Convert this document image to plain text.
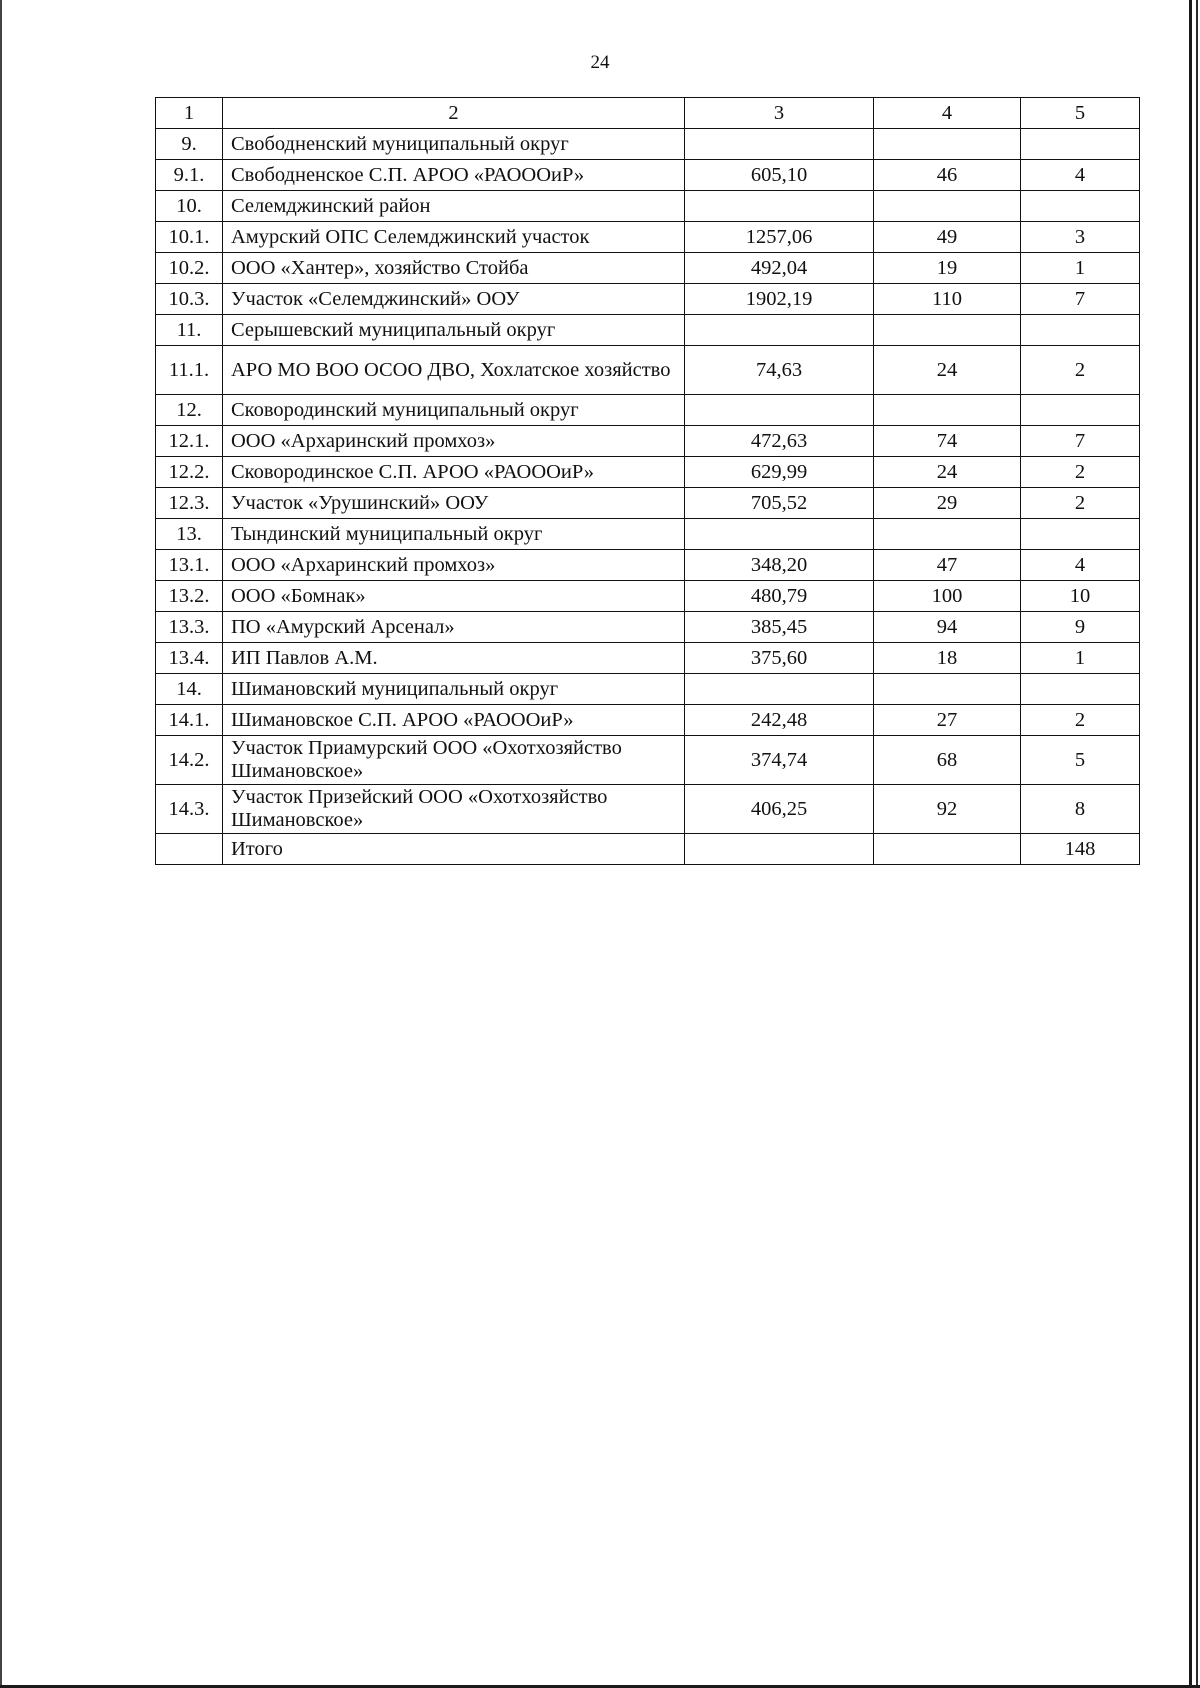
24
1	2	3	4	5
9.	Свободненский муниципальный округ			
9.1.	Свободненское С.П. АРОО «РАОООиР»	605,10	46	4
10.	Селемджинский район			
10.1.	Амурский ОПС Селемджинский участок	1257,06	49	3
10.2.	ООО «Хантер», хозяйство Стойба	492,04	19	1
10.3.	Участок «Селемджинский» ООУ	1902,19	110	7
11.	Серышевский муниципальный округ			
11.1.	АРО МО ВОО ОСОО ДВО, Хохлатское хозяйство	74,63	24	2
12.	Сковородинский муниципальный округ			
12.1.	ООО «Архаринский промхоз»	472,63	74	7
12.2.	Сковородинское С.П. АРОО «РАОООиР»	629,99	24	2
12.3.	Участок «Урушинский» ООУ	705,52	29	2
13.	Тындинский муниципальный округ			
13.1.	ООО «Архаринский промхоз»	348,20	47	4
13.2.	ООО «Бомнак»	480,79	100	10
13.3.	ПО «Амурский Арсенал»	385,45	94	9
13.4.	ИП Павлов А.М.	375,60	18	1
14.	Шимановский муниципальный округ			
14.1.	Шимановское С.П. АРОО «РАОООиР»	242,48	27	2
14.2.	Участок Приамурский ООО «Охотхозяйство Шимановское»	374,74	68	5
14.3.	Участок Призейский ООО «Охотхозяйство Шимановское»	406,25	92	8
	Итого			148
